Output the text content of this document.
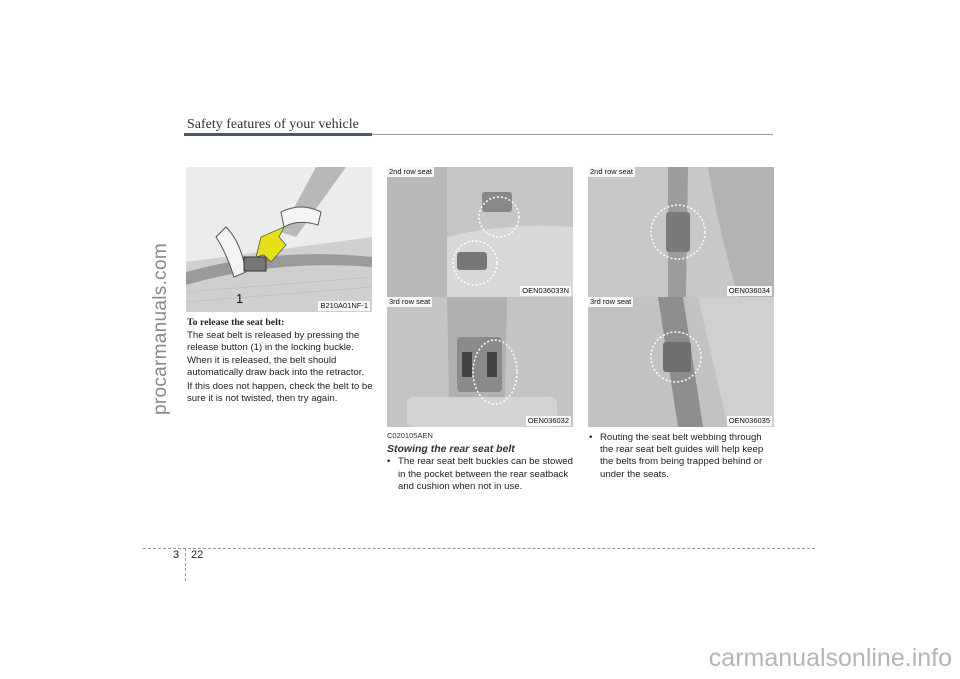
Safety features of your vehicle
procarmanuals.com
carmanualsonline.info
1	B210A01NF-1
2nd row seat
OEN036033N
3rd row seat
OEN036032
2nd row seat
OEN036034
3rd row seat
OEN036035
To release the seat belt:
The seat belt is released by pressing the release button (1) in the locking buckle. When it is released, the belt should automatically draw back into the retractor.
If this does not happen, check the belt to be sure it is not twisted, then try again.
C020105AEN
Stowing the rear seat belt
• The rear seat belt buckles can be stowed in the pocket between the rear seatback and cushion when not in use.
• Routing the seat belt webbing through the rear seat belt guides will help keep the belts from being trapped behind or under the seats.
3 22
